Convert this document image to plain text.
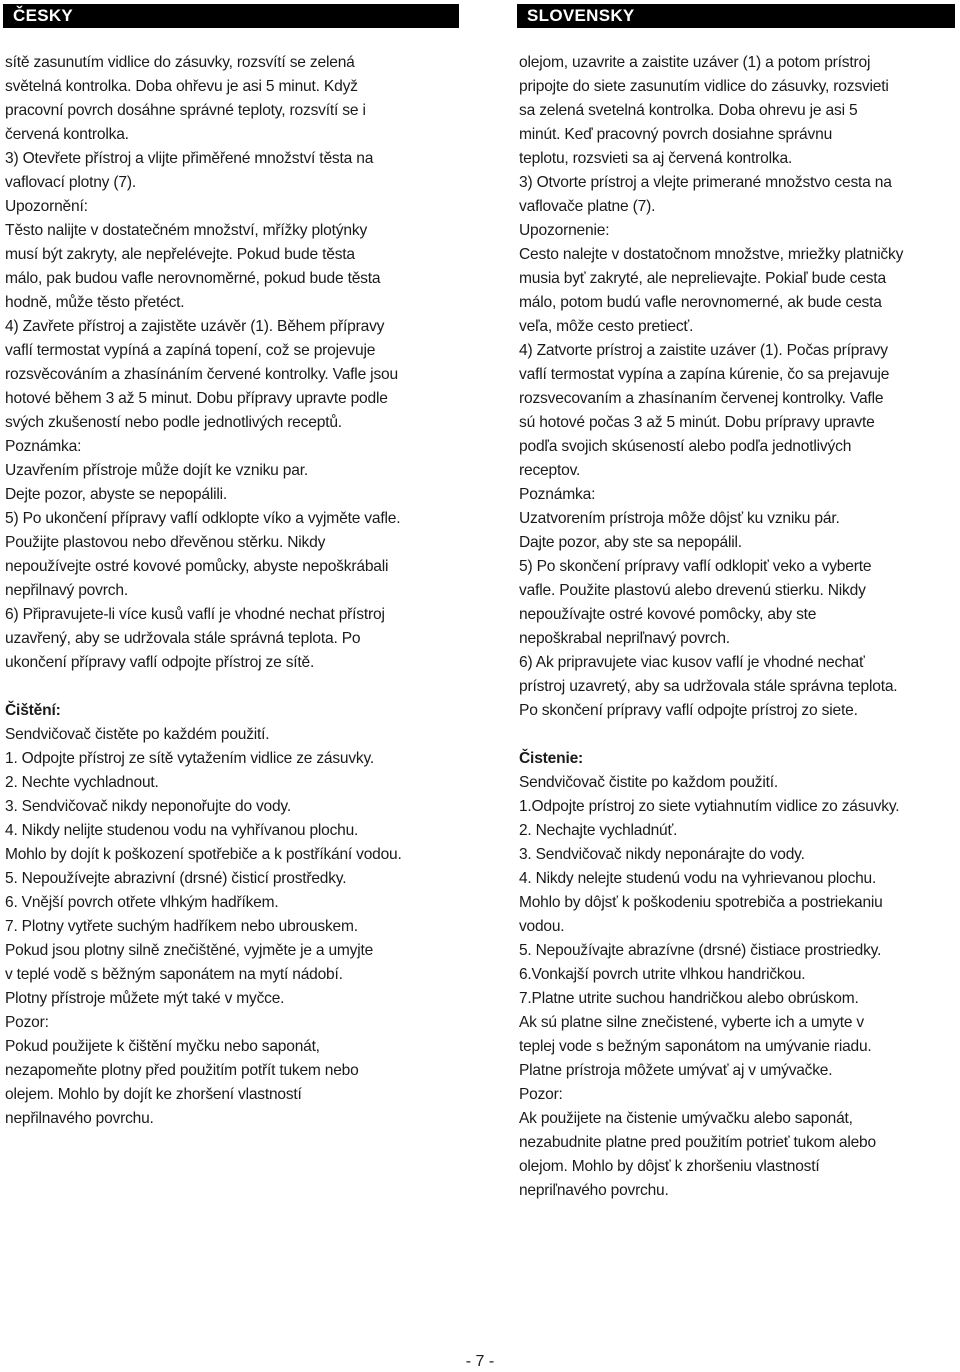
ČESKY
sítě zasunutím vidlice do zásuvky, rozsvítí se zelená
světelná kontrolka. Doba ohřevu je asi 5 minut. Když
pracovní povrch dosáhne správné teploty, rozsvítí se i
červená kontrolka.
3) Otevřete přístroj a vlijte přiměřené množství těsta na
vaflovací plotny (7).
Upozornění:
Těsto nalijte v dostatečném množství, mřížky plotýnky
musí být zakryty, ale nepřelévejte. Pokud bude těsta
málo, pak budou vafle nerovnoměrné, pokud bude těsta
hodně, může těsto přetéct.
4) Zavřete přístroj a zajistěte uzávěr (1). Během přípravy
vaflí termostat vypíná a zapíná topení, což se projevuje
rozsvěcováním a zhasínáním červené kontrolky. Vafle jsou
hotové během 3 až 5 minut. Dobu přípravy upravte podle
svých zkušeností nebo podle jednotlivých receptů.
Poznámka:
Uzavřením přístroje může dojít ke vzniku par.
Dejte pozor, abyste se nepopálili.
5) Po ukončení přípravy vaflí odklopte víko a vyjměte vafle.
Použijte plastovou nebo dřevěnou stěrku. Nikdy
nepoužívejte ostré kovové pomůcky, abyste nepoškrábali
nepřilnavý povrch.
6) Připravujete-li více kusů vaflí je vhodné nechat přístroj
uzavřený, aby se udržovala stále správná teplota. Po
ukončení přípravy vaflí odpojte přístroj ze sítě.
Čištění:
Sendvičovač čistěte po každém použití.
1. Odpojte přístroj ze sítě vytažením vidlice ze zásuvky.
2. Nechte vychladnout.
3. Sendvičovač nikdy neponořujte do vody.
4. Nikdy nelijte studenou vodu na vyhřívanou plochu.
Mohlo by dojít k poškození spotřebiče a k postříkání vodou.
5. Nepoužívejte abrazivní (drsné) čisticí prostředky.
6. Vnější povrch otřete vlhkým hadříkem.
7. Plotny vytřete suchým hadříkem nebo ubrouskem.
Pokud jsou plotny silně znečištěné, vyjměte je a umyjte
v teplé vodě s běžným saponátem na mytí nádobí.
Plotny přístroje můžete mýt také v myčce.
Pozor:
Pokud použijete k čištění myčku nebo saponát,
nezapomeňte plotny před použitím potřít tukem nebo
olejem. Mohlo by dojít ke zhoršení vlastností
nepřilnavého povrchu.
SLOVENSKY
olejom, uzavrite a zaistite uzáver (1) a potom prístroj
pripojte do siete zasunutím vidlice do zásuvky, rozsvieti
sa zelená svetelná kontrolka. Doba ohrevu je asi 5
minút. Keď pracovný povrch dosiahne správnu
teplotu, rozsvieti sa aj červená kontrolka.
3) Otvorte prístroj a vlejte primerané množstvo cesta na
vaflovače platne (7).
Upozornenie:
Cesto nalejte v dostatočnom množstve, mriežky platničky
musia byť zakryté, ale neprelievajte. Pokiaľ bude cesta
málo, potom budú vafle nerovnomerné, ak bude cesta
veľa, môže cesto pretiecť.
4) Zatvorte prístroj a zaistite uzáver (1). Počas prípravy
vaflí termostat vypína a zapína kúrenie, čo sa prejavuje
rozsvecovaním a zhasínaním červenej kontrolky. Vafle
sú hotové počas 3 až 5 minút. Dobu prípravy upravte
podľa svojich skúseností alebo podľa jednotlivých
receptov.
Poznámka:
Uzatvorením prístroja môže dôjsť ku vzniku pár.
Dajte pozor, aby ste sa nepopálil.
5) Po skončení prípravy vaflí odklopiť veko a vyberte
vafle. Použite plastovú alebo drevenú stierku. Nikdy
nepoužívajte ostré kovové pomôcky, aby ste
nepoškrabal nepriľnavý povrch.
6) Ak pripravujete viac kusov vaflí je vhodné nechať
prístroj uzavretý, aby sa udržovala stále správna teplota.
Po skončení prípravy vaflí odpojte prístroj zo siete.
Čistenie:
Sendvičovač čistite po každom použití.
1.Odpojte prístroj zo siete vytiahnutím vidlice zo zásuvky.
2. Nechajte vychladnúť.
3. Sendvičovač nikdy neponárajte do vody.
4. Nikdy nelejte studenú vodu na vyhrievanou plochu.
Mohlo by dôjsť k poškodeniu spotrebiča a postriekaniu
vodou.
5. Nepoužívajte abrazívne (drsné) čistiace prostriedky.
6.Vonkajší povrch utrite vlhkou handričkou.
7.Platne utrite suchou handričkou alebo obrúskom.
Ak sú platne silne znečistené, vyberte ich a umyte v
teplej vode s bežným saponátom na umývanie riadu.
Platne prístroja môžete umývať aj v umývačke.
Pozor:
Ak použijete na čistenie umývačku alebo saponát,
nezabudnite platne pred použitím potrieť tukom alebo
olejom. Mohlo by dôjsť k zhoršeniu vlastností
nepriľnavého povrchu.
- 7 -
